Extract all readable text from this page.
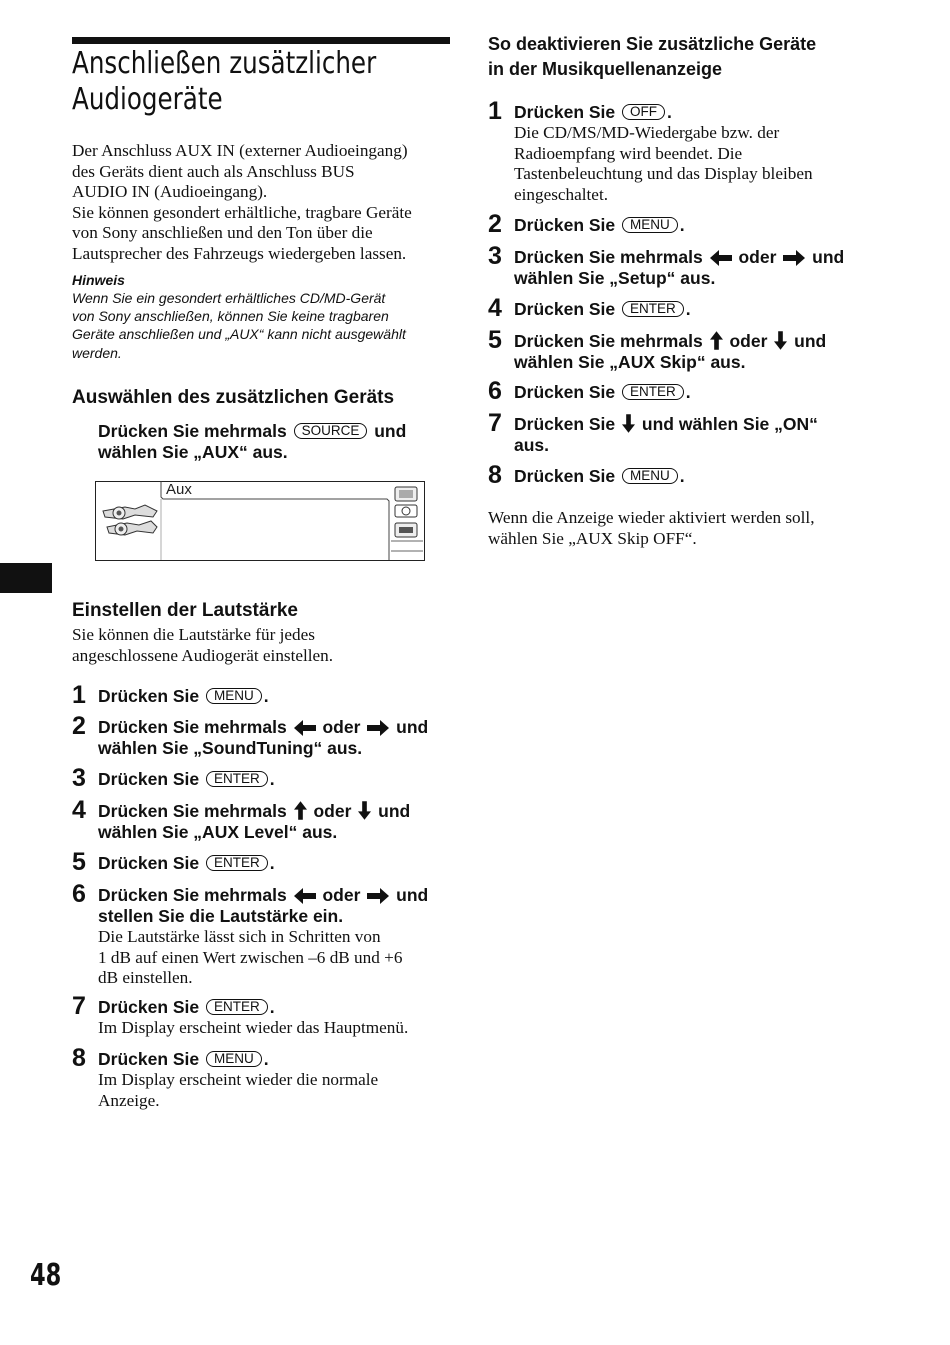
Anschließen zusätzlicher
Audiogeräte
Der Anschluss AUX IN (externer Audioeingang)
des Geräts dient auch als Anschluss BUS
AUDIO IN (Audioeingang).
Sie können gesondert erhältliche, tragbare Geräte
von Sony anschließen und den Ton über die
Lautsprecher des Fahrzeugs wiedergeben lassen.
Hinweis
Wenn Sie ein gesondert erhältliches CD/MD-Gerät
von Sony anschließen, können Sie keine tragbaren
Geräte anschließen und „AUX“ kann nicht ausgewählt
werden.
Auswählen des zusätzlichen Geräts
Drücken Sie mehrmals SOURCE und
wählen Sie „AUX“ aus.
Aux
Einstellen der Lautstärke
Sie können die Lautstärke für jedes
angeschlossene Audiogerät einstellen.
1 Drücken Sie MENU .
2 Drücken Sie mehrmals oder und
wählen Sie „SoundTuning“ aus.
3 Drücken Sie ENTER .
4 Drücken Sie mehrmals oder und
wählen Sie „AUX Level“ aus.
5 Drücken Sie ENTER .
6 Drücken Sie mehrmals oder und
stellen Sie die Lautstärke ein.
Die Lautstärke lässt sich in Schritten von
1 dB auf einen Wert zwischen –6 dB und +6
dB einstellen.
7 Drücken Sie ENTER .
Im Display erscheint wieder das Hauptmenü.
8 Drücken Sie MENU .
Im Display erscheint wieder die normale
Anzeige.
So deaktivieren Sie zusätzliche Geräte
in der Musikquellenanzeige
1 Drücken Sie OFF .
Die CD/MS/MD-Wiedergabe bzw. der
Radioempfang wird beendet. Die
Tastenbeleuchtung und das Display bleiben
eingeschaltet.
2 Drücken Sie MENU .
3 Drücken Sie mehrmals oder und
wählen Sie „Setup“ aus.
4 Drücken Sie ENTER .
5 Drücken Sie mehrmals oder und
wählen Sie „AUX Skip“ aus.
6 Drücken Sie ENTER .
7 Drücken Sie und wählen Sie „ON“
aus.
8 Drücken Sie MENU .
Wenn die Anzeige wieder aktiviert werden soll,
wählen Sie „AUX Skip OFF“.
48
